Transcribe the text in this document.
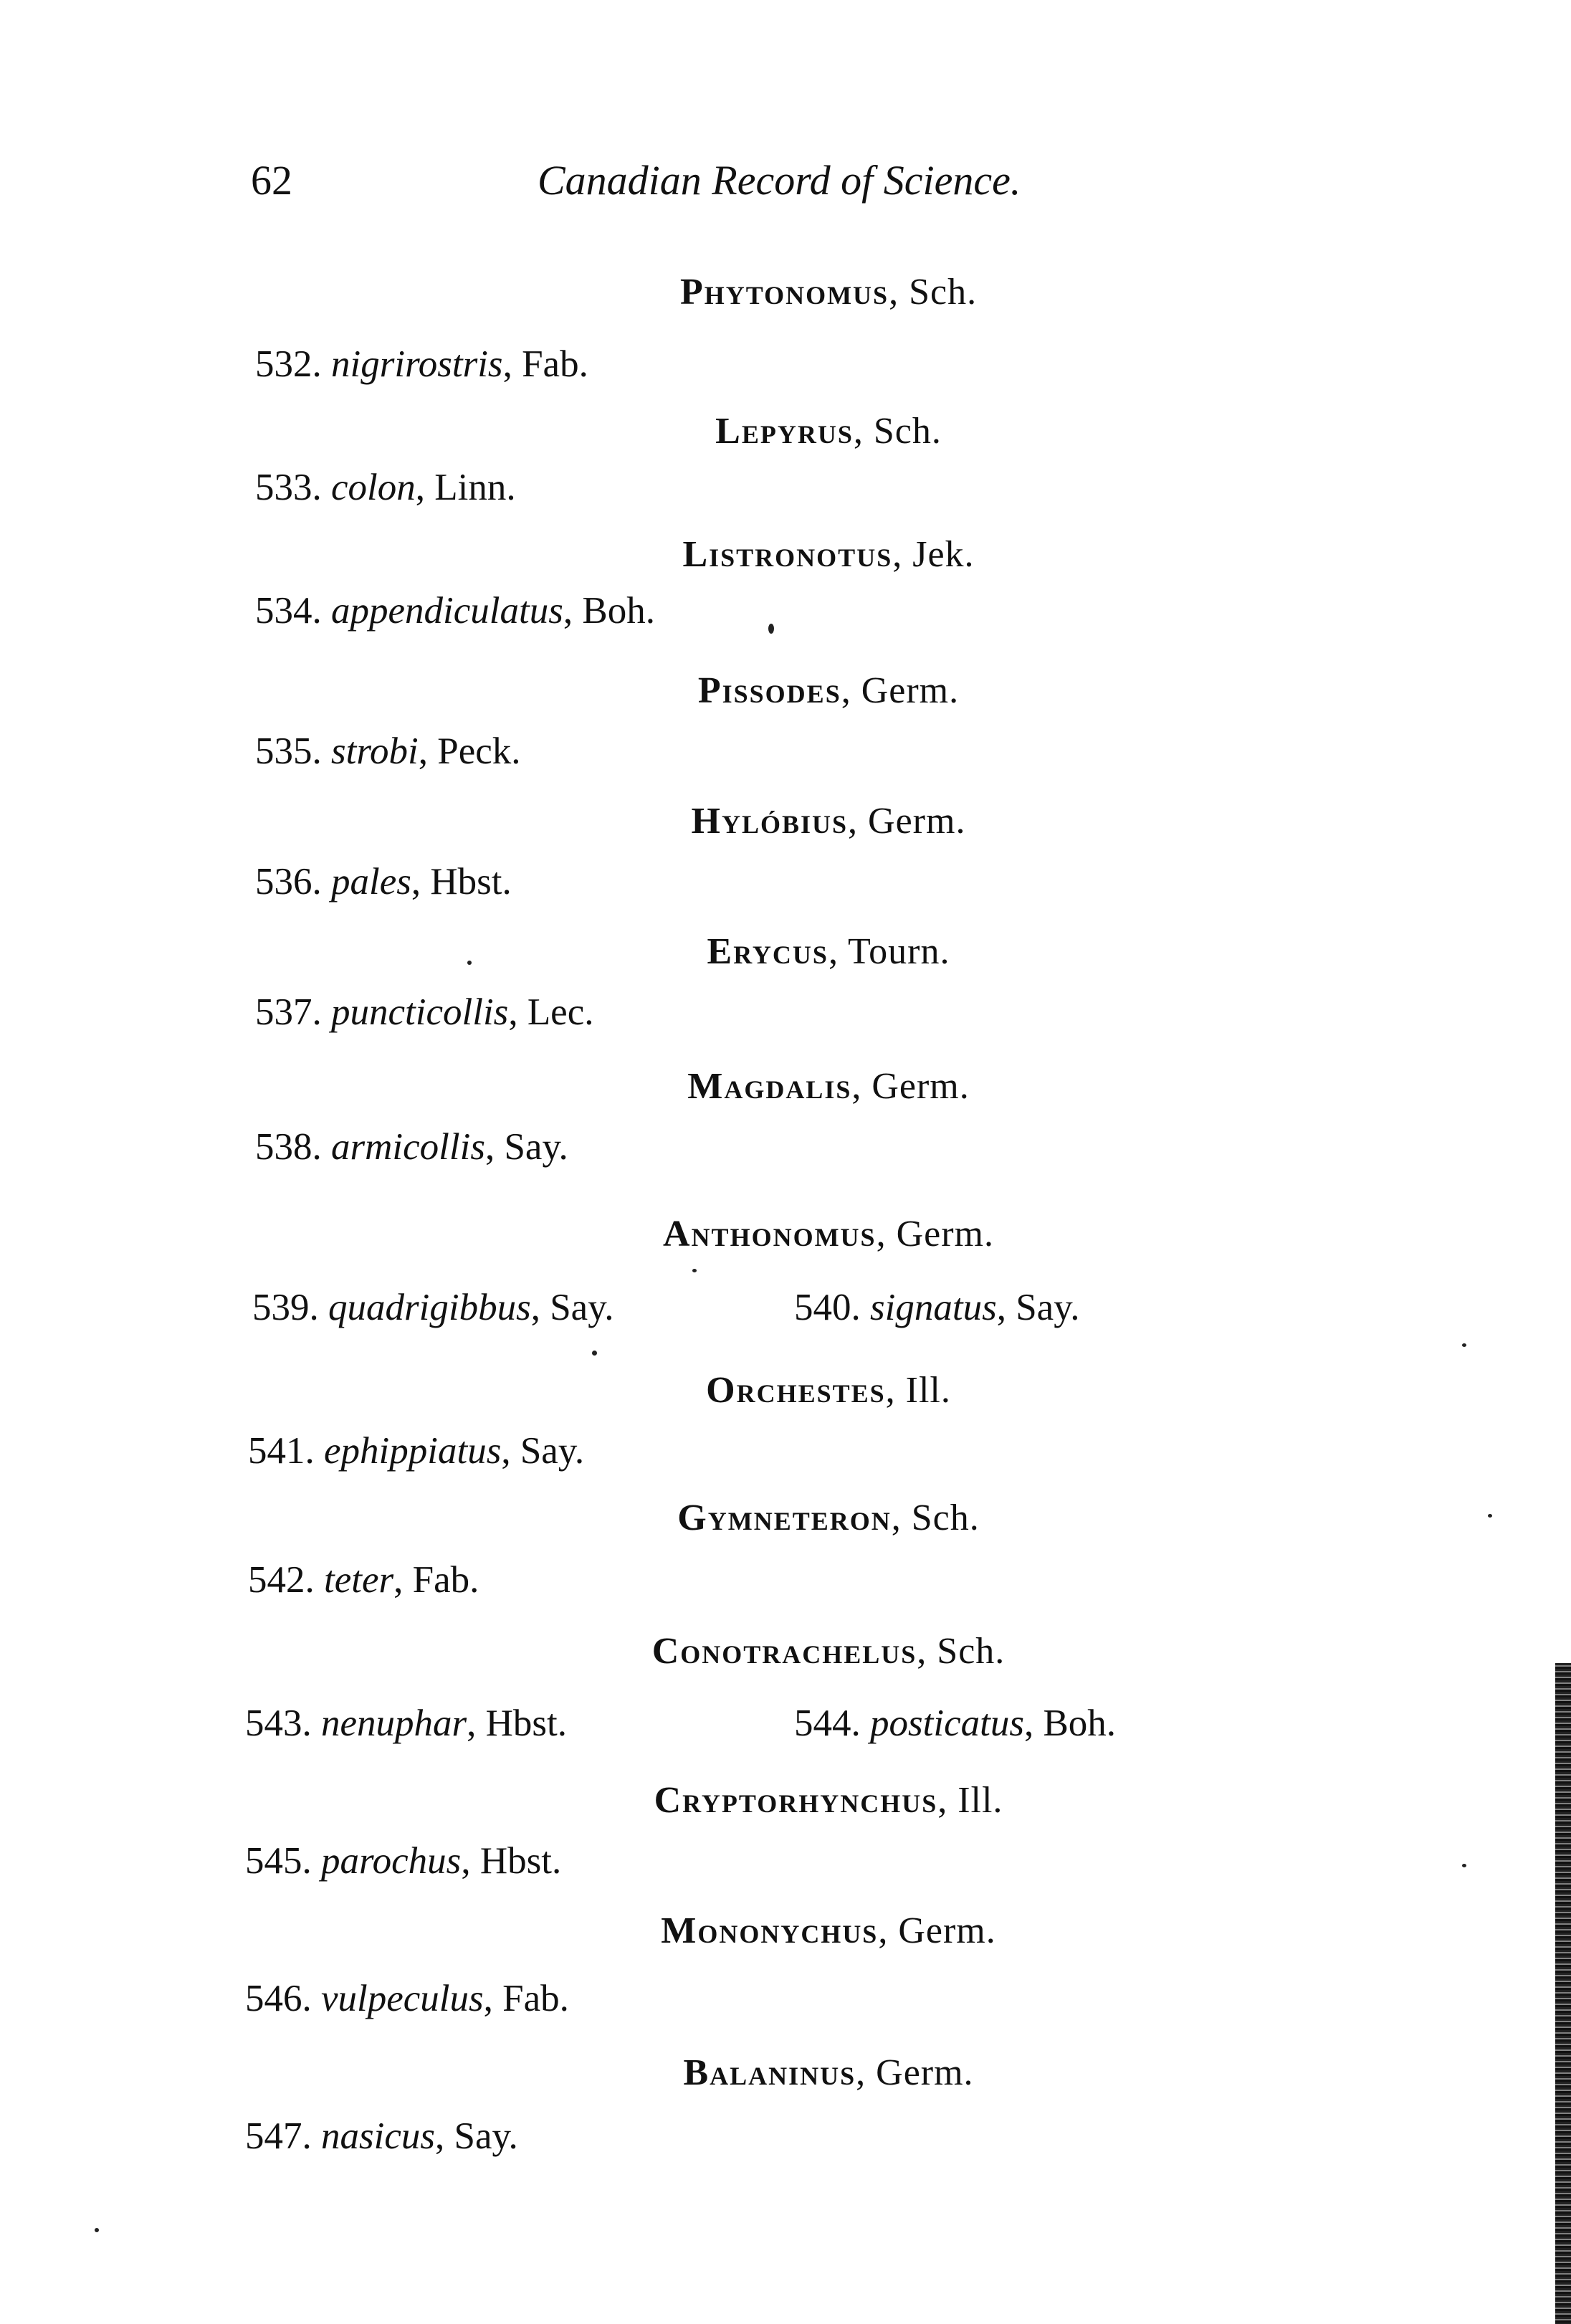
62	Canadian Record of Science.
Phytonomus, Sch.
532. nigrirostris, Fab.
Lepyrus, Sch.
533. colon, Linn.
Listronotus, Jek.
534. appendiculatus, Boh.
Pissodes, Germ.
535. strobi, Peck.
Hylóbius, Germ.
536. pales, Hbst.
Erycus, Tourn.
537. puncticollis, Lec.
Magdalis, Germ.
538. armicollis, Say.
Anthonomus, Germ.
539. quadrigibbus, Say.	540. signatus, Say.
Orchestes, Ill.
541. ephippiatus, Say.
Gymneteron, Sch.
542. teter, Fab.
Conotrachelus, Sch.
543. nenuphar, Hbst.	544. posticatus, Boh.
Cryptorhynchus, Ill.
545. parochus, Hbst.
Mononychus, Germ.
546. vulpeculus, Fab.
Balaninus, Germ.
547. nasicus, Say.
